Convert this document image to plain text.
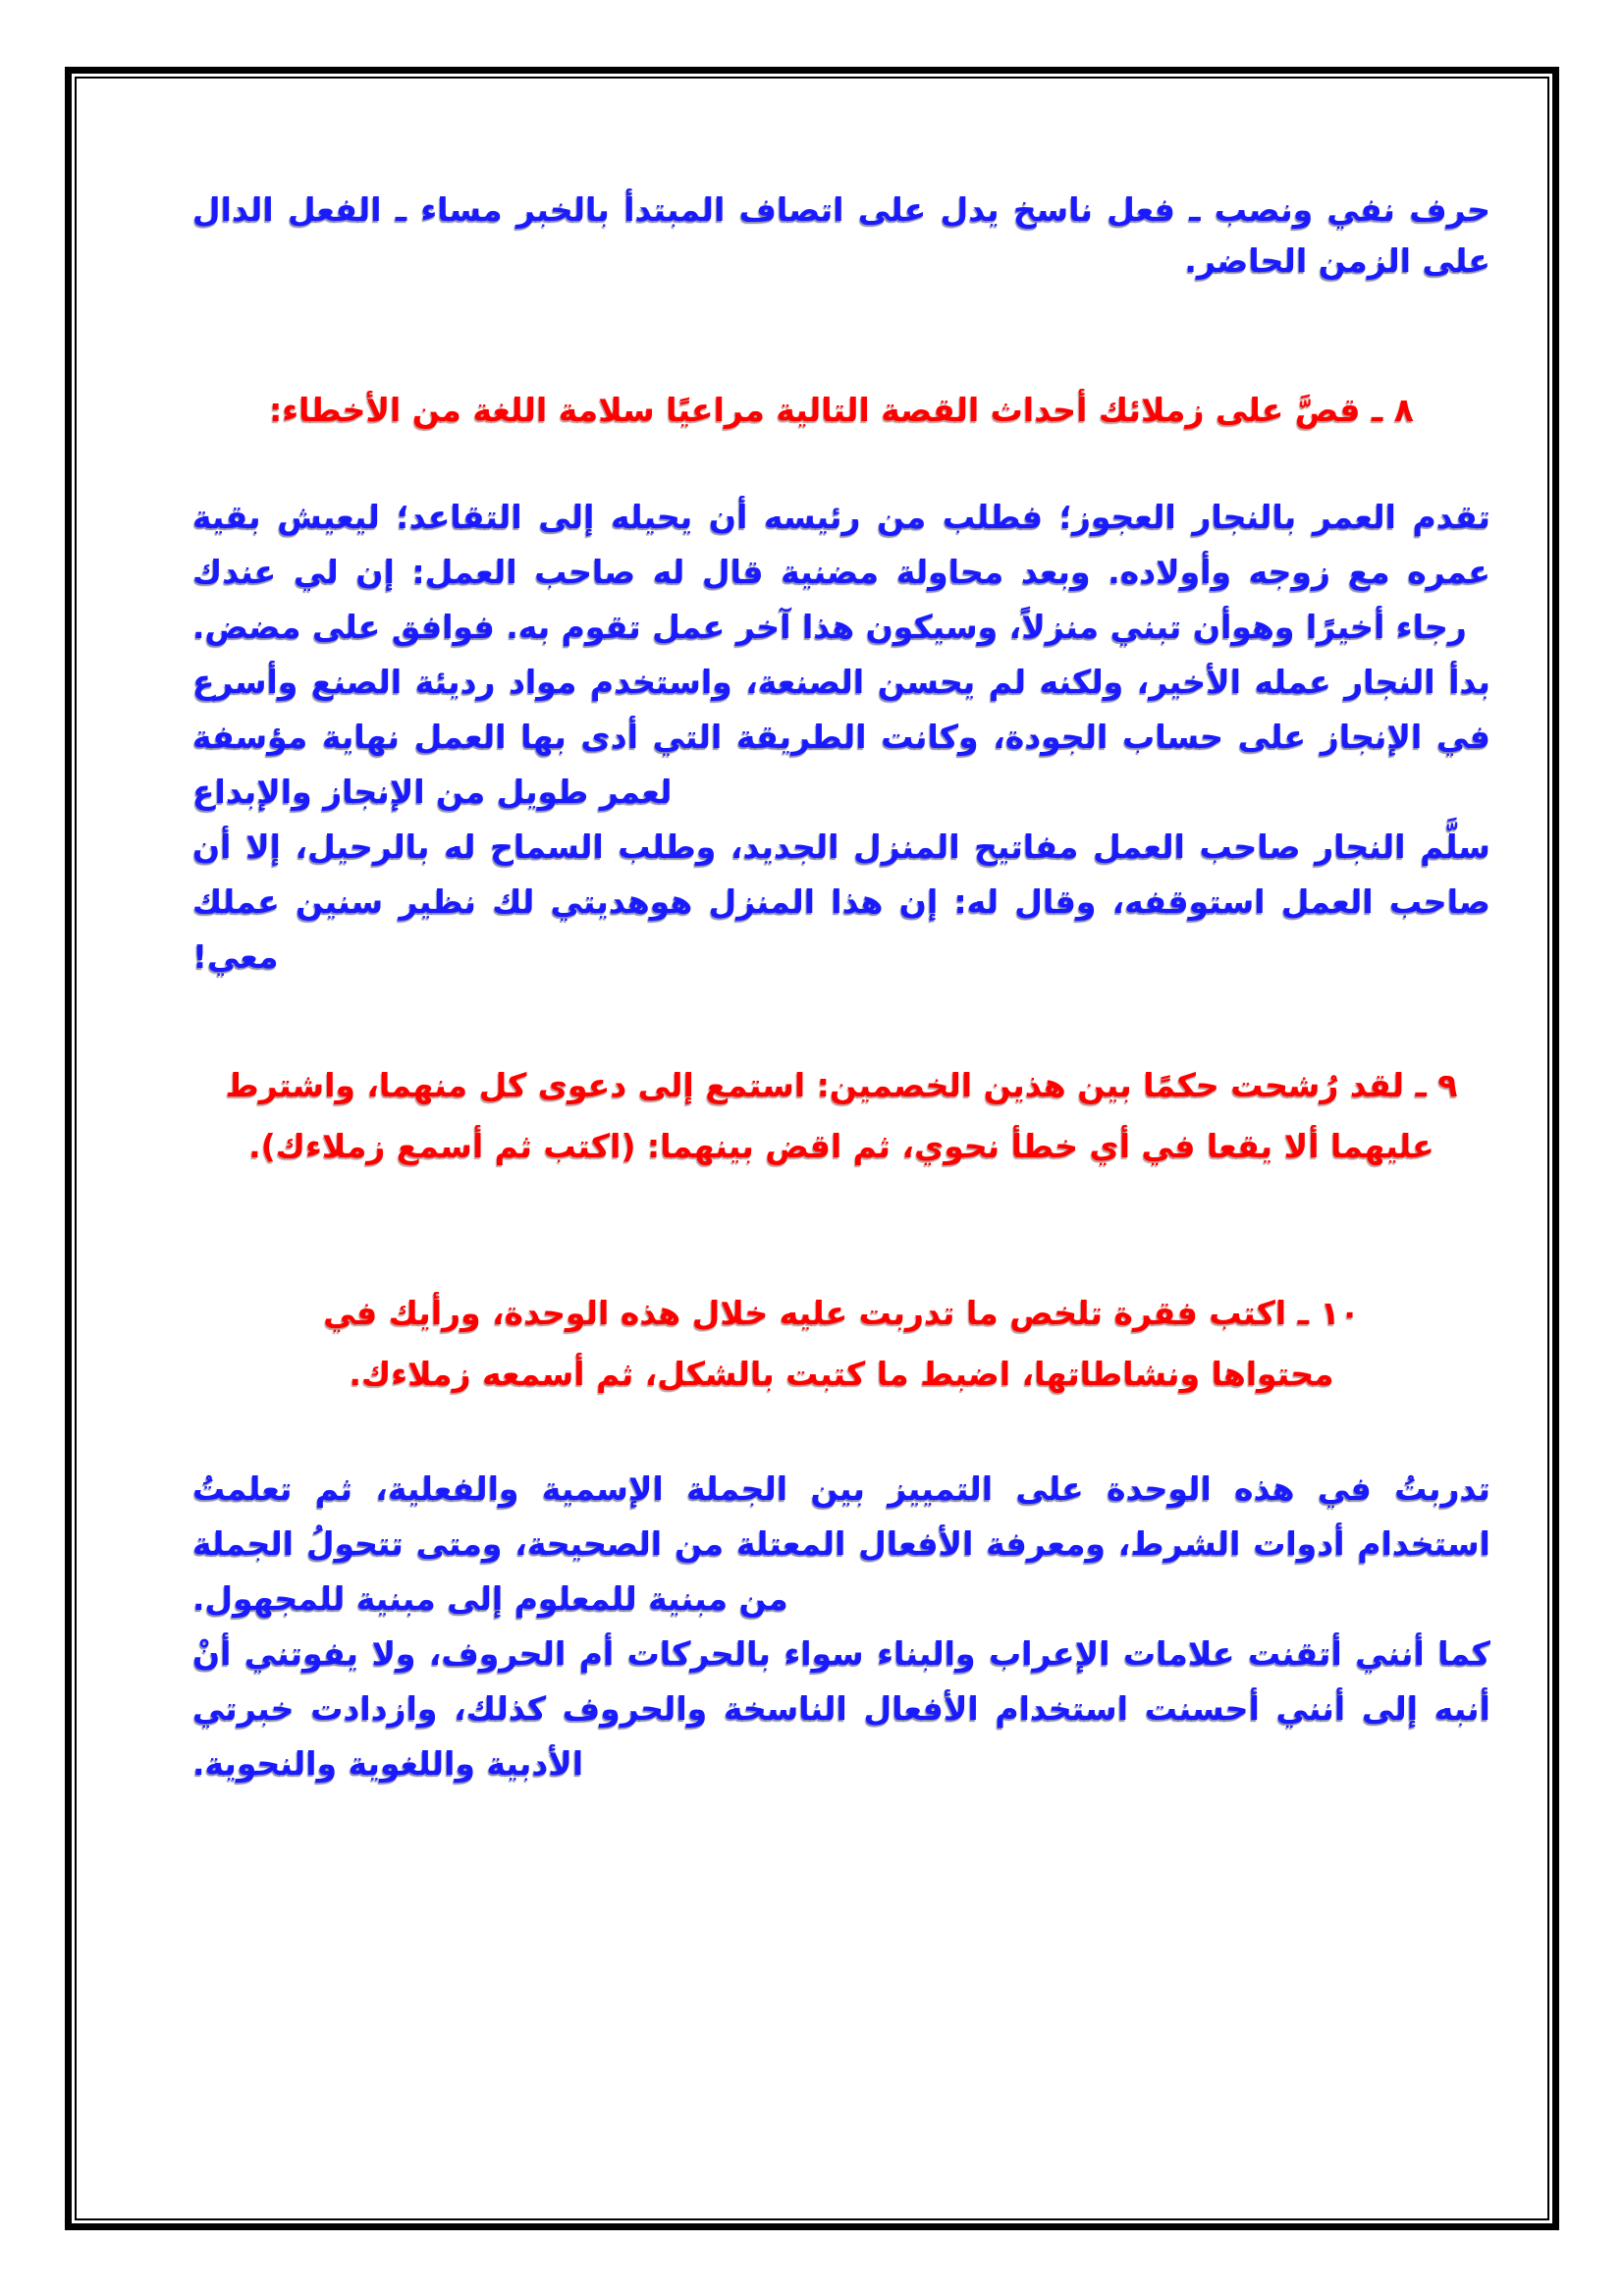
حرف نفي ونصب ـ فعل ناسخ يدل على اتصاف المبتدأ بالخبر مساء ـ الفعل الدال على الزمن الحاضر.

٨ ـ قصَّ على زملائك أحداث القصة التالية مراعيًا سلامة اللغة من الأخطاء:

تقدم العمر بالنجار العجوز؛ فطلب من رئيسه أن يحيله إلى التقاعد؛ ليعيش بقية عمره مع زوجه وأولاده. وبعد محاولة مضنية قال له صاحب العمل: إن لي عندك رجاء أخيرًا وهوأن تبني منزلاً، وسيكون هذا آخر عمل تقوم به. فوافق على مضض.

بدأ النجار عمله الأخير، ولكنه لم يحسن الصنعة، واستخدم مواد رديئة الصنع وأسرع في الإنجاز على حساب الجودة، وكانت الطريقة التي أدى بها العمل نهاية مؤسفة لعمر طويل من الإنجاز والإبداع

سلَّم النجار صاحب العمل مفاتيح المنزل الجديد، وطلب السماح له بالرحيل، إلا أن صاحب العمل استوقفه، وقال له: إن هذا المنزل هوهديتي لك نظير سنين عملك معي!

٩ ـ لقد رُشحت حكمًا بين هذين الخصمين: استمع إلى دعوى كل منهما، واشترط عليهما ألا يقعا في أي خطأ نحوي، ثم اقض بينهما: (اكتب ثم أسمع زملاءك).

١٠ ـ اكتب فقرة تلخص ما تدربت عليه خلال هذه الوحدة، ورأيك في محتواها ونشاطاتها، اضبط ما كتبت بالشكل، ثم أسمعه زملاءك.

تدربتُ في هذه الوحدة على التمييز بين الجملة الإسمية والفعلية، ثم تعلمتُ استخدام أدوات الشرط، ومعرفة الأفعال المعتلة من الصحيحة، ومتى تتحولُ الجملة من مبنية للمعلوم إلى مبنية للمجهول.

كما أنني أتقنت علامات الإعراب والبناء سواء بالحركات أم الحروف، ولا يفوتني أنْ أنبه إلى أنني أحسنت استخدام الأفعال الناسخة والحروف كذلك، وازدادت خبرتي الأدبية واللغوية والنحوية.
